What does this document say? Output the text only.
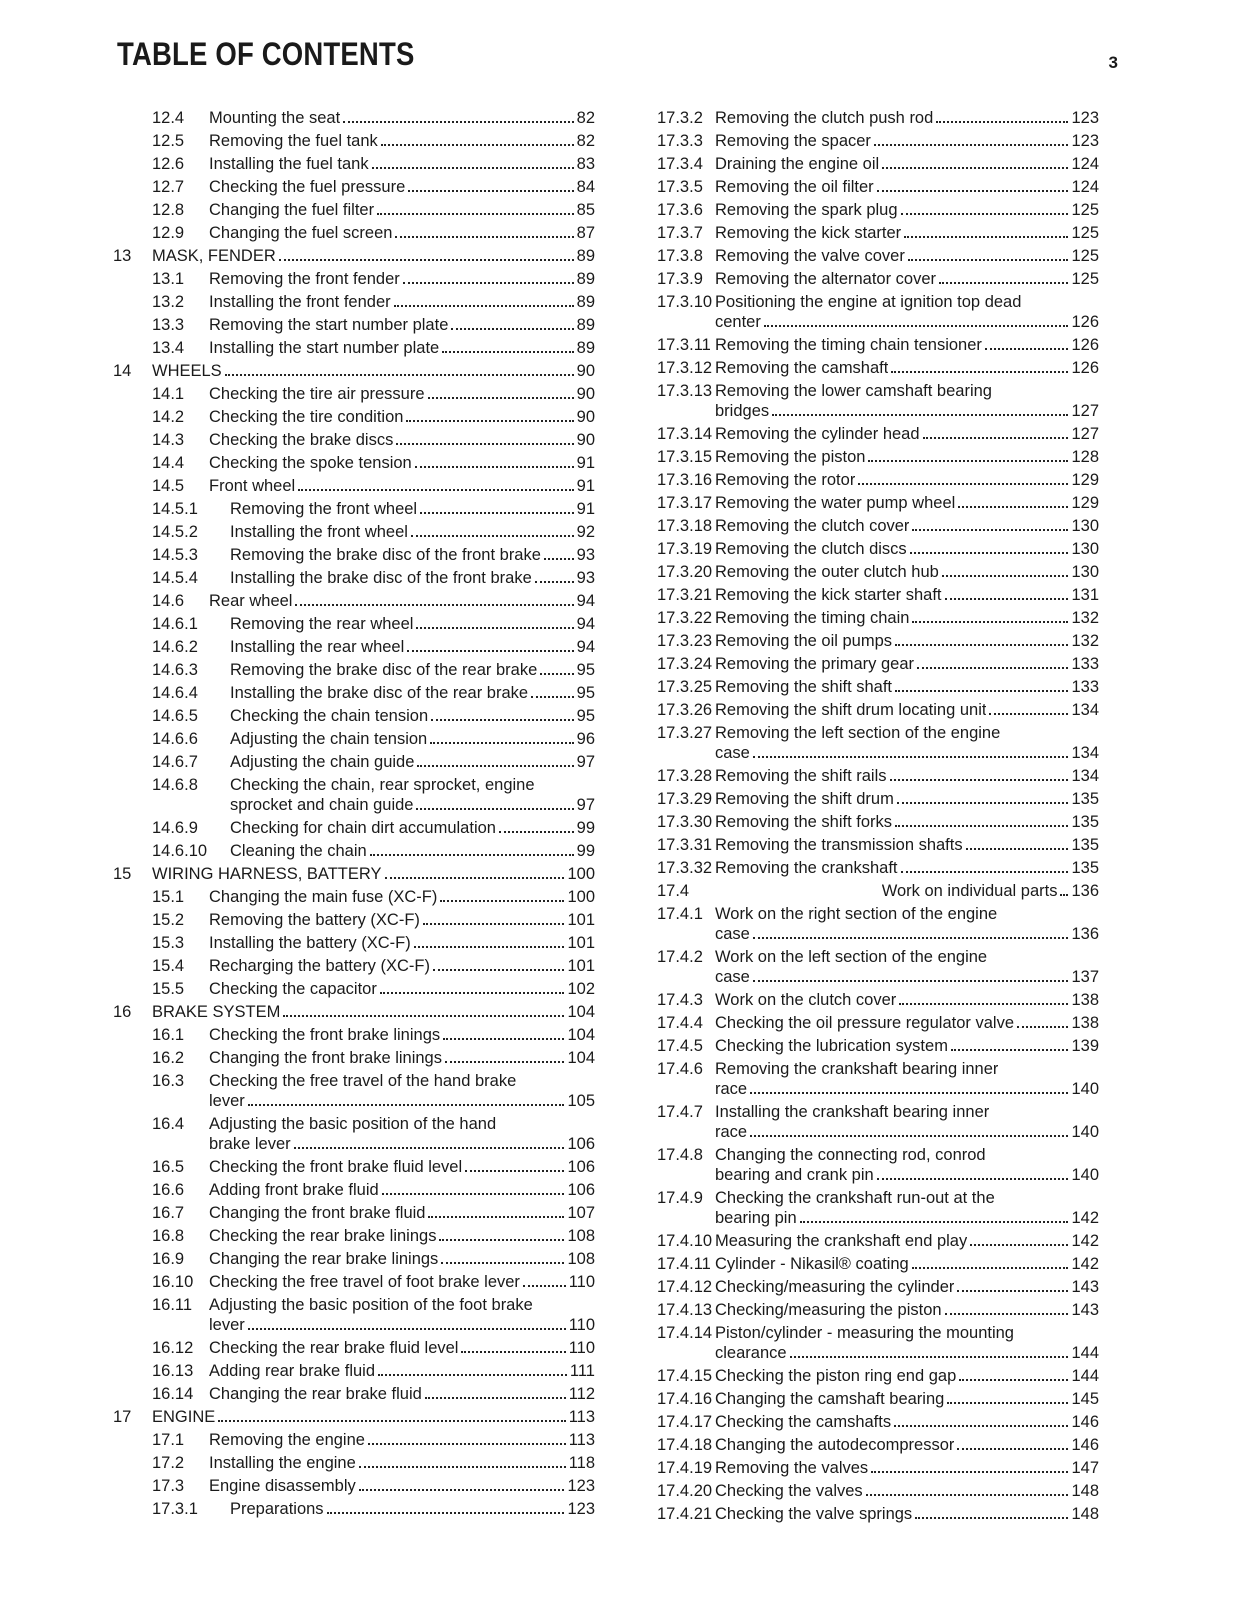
TABLE OF CONTENTS	3
12.4 Mounting the seat	82
12.5 Removing the fuel tank	82
12.6 Installing the fuel tank	83
12.7 Checking the fuel pressure	84
12.8 Changing the fuel filter	85
12.9 Changing the fuel screen	87
13 MASK, FENDER	89
13.1 Removing the front fender	89
13.2 Installing the front fender	89
13.3 Removing the start number plate	89
13.4 Installing the start number plate	89
14 WHEELS	90
14.1 Checking the tire air pressure	90
14.2 Checking the tire condition	90
14.3 Checking the brake discs	90
14.4 Checking the spoke tension	91
14.5 Front wheel	91
14.5.1 Removing the front wheel	91
14.5.2 Installing the front wheel	92
14.5.3 Removing the brake disc of the front brake 93
14.5.4 Installing the brake disc of the front brake	93
14.6 Rear wheel	94
14.6.1 Removing the rear wheel	94
14.6.2 Installing the rear wheel	94
14.6.3 Removing the brake disc of the rear brake 95
14.6.4 Installing the brake disc of the rear brake	95
14.6.5 Checking the chain tension	95
14.6.6 Adjusting the chain tension	96
14.6.7 Adjusting the chain guide	97
14.6.8 Checking the chain, rear sprocket, engine
sprocket and chain guide	97
14.6.9 Checking for chain dirt accumulation	99
14.6.10 Cleaning the chain	99
15 WIRING HARNESS, BATTERY	100
15.1 Changing the main fuse (XC-F)	100
15.2 Removing the battery (XC-F)	101
15.3 Installing the battery (XC-F)	101
15.4 Recharging the battery (XC-F)	101
15.5 Checking the capacitor	102
16 BRAKE SYSTEM	104
16.1 Checking the front brake linings	104
16.2 Changing the front brake linings	104
16.3 Checking the free travel of the hand brake
lever	105
16.4 Adjusting the basic position of the hand
brake lever	106
16.5 Checking the front brake fluid level	106
16.6 Adding front brake fluid	106
16.7 Changing the front brake fluid	107
16.8 Checking the rear brake linings	108
16.9 Changing the rear brake linings	108
16.10 Checking the free travel of foot brake lever	110
16.11 Adjusting the basic position of the foot brake
lever	110
16.12 Checking the rear brake fluid level	110
16.13 Adding rear brake fluid	111
16.14 Changing the rear brake fluid	112
17 ENGINE	113
17.1 Removing the engine	113
17.2 Installing the engine	118
17.3 Engine disassembly	123
17.3.1 Preparations	123
17.3.2 Removing the clutch push rod	123
17.3.3 Removing the spacer	123
17.3.4 Draining the engine oil	124
17.3.5 Removing the oil filter	124
17.3.6 Removing the spark plug	125
17.3.7 Removing the kick starter	125
17.3.8 Removing the valve cover	125
17.3.9 Removing the alternator cover	125
17.3.10 Positioning the engine at ignition top dead
center	126
17.3.11 Removing the timing chain tensioner	126
17.3.12 Removing the camshaft	126
17.3.13 Removing the lower camshaft bearing
bridges	127
17.3.14 Removing the cylinder head	127
17.3.15 Removing the piston	128
17.3.16 Removing the rotor	129
17.3.17 Removing the water pump wheel	129
17.3.18 Removing the clutch cover	130
17.3.19 Removing the clutch discs	130
17.3.20 Removing the outer clutch hub	130
17.3.21 Removing the kick starter shaft	131
17.3.22 Removing the timing chain	132
17.3.23 Removing the oil pumps	132
17.3.24 Removing the primary gear	133
17.3.25 Removing the shift shaft	133
17.3.26 Removing the shift drum locating unit	134
17.3.27 Removing the left section of the engine
case	134
17.3.28 Removing the shift rails	134
17.3.29 Removing the shift drum	135
17.3.30 Removing the shift forks	135
17.3.31 Removing the transmission shafts	135
17.3.32 Removing the crankshaft	135
17.4	Work on individual parts 136
17.4.1 Work on the right section of the engine
case	136
17.4.2 Work on the left section of the engine
case	137
17.4.3 Work on the clutch cover	138
17.4.4 Checking the oil pressure regulator valve	138
17.4.5 Checking the lubrication system	139
17.4.6 Removing the crankshaft bearing inner
race	140
17.4.7 Installing the crankshaft bearing inner
race	140
17.4.8 Changing the connecting rod, conrod
bearing and crank pin	140
17.4.9 Checking the crankshaft run-out at the
bearing pin	142
17.4.10 Measuring the crankshaft end play	142
17.4.11 Cylinder - Nikasil® coating	142
17.4.12 Checking/measuring the cylinder	143
17.4.13 Checking/measuring the piston	143
17.4.14 Piston/cylinder - measuring the mounting
clearance	144
17.4.15 Checking the piston ring end gap	144
17.4.16 Changing the camshaft bearing	145
17.4.17 Checking the camshafts	146
17.4.18 Changing the autodecompressor	146
17.4.19 Removing the valves	147
17.4.20 Checking the valves	148
17.4.21 Checking the valve springs	148
